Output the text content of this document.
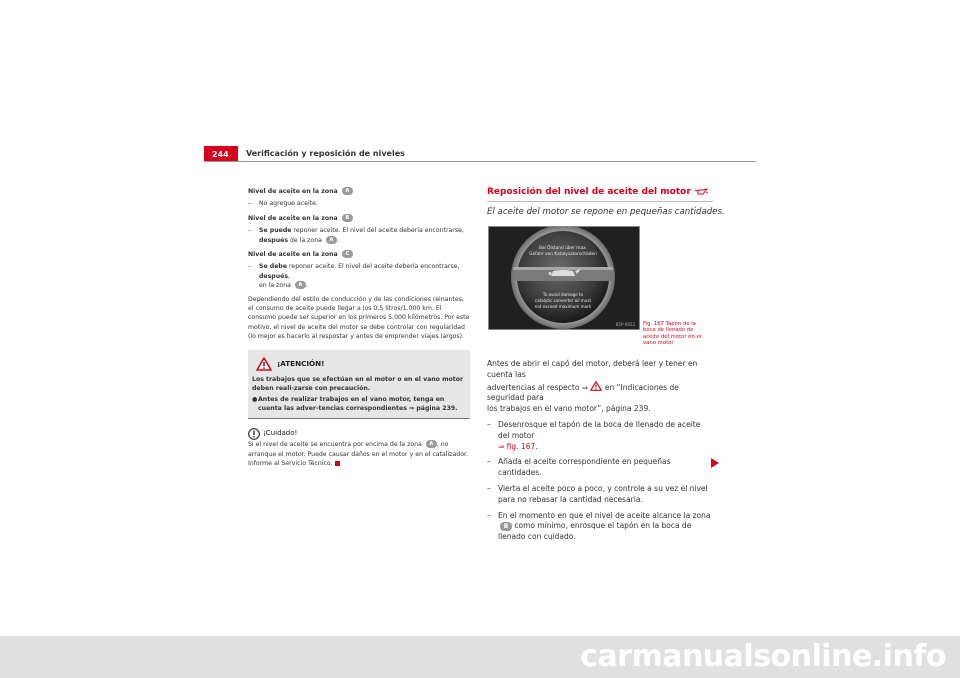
244	Verificación y reposición de niveles
Nivel de aceite en la zona A
– No agregue aceite.
Nivel de aceite en la zona B
– Se puede reponer aceite. El nivel del aceite debería encontrarse,
después de la zona A .
Nivel de aceite en la zona C
– Se debe reponer aceite. El nivel del aceite debería encontrarse, después,
en la zona A .
Dependiendo del estilo de conducción y de las condiciones reinantes, el consumo de aceite puede llegar a los 0,5 litros/1.000 km. El consumo puede ser superior en los primeros 5.000 kilómetros. Por este motivo, el nivel de aceite del motor se debe controlar con regularidad (lo mejor es hacerlo al respostar y antes de emprender viajes largos).
¡ATENCIÓN!
Los trabajos que se efectúan en el motor o en el vano motor deben reali-zarse con precaución.
● Antes de realizar trabajos en el vano motor, tenga en cuenta las adver-tencias correspondientes ⇒ página 239.
¡Cuidado!
Si el nivel de aceite se encuentra por encima de la zona A , no arranque el motor. Puede causar daños en el motor y en el catalizador. Informe al Servicio Técnico.
Reposición del nivel de aceite del motor
El aceite del motor se repone en pequeñas cantidades.
Bei Ölstand über max.
Gefahr von Katalysatorschäden
To avoid damage to
catalytic converter oil must
not exceed maximum mark
B5P-0652 Fig. 167 Tapón de la boca de llenado de aceite del motor en el vano motor
Antes de abrir el capó del motor, deberá leer y tener en cuenta las
advertencias al respecto ⇒  en “Indicaciones de seguridad para
los trabajos en el vano motor”, página 239.
– Desenrosque el tapón de la boca de llenado de aceite del motor
⇒ fig. 167.
– Añada el aceite correspondiente en pequeñas cantidades.
– Vierta el aceite poco a poco, y controle a su vez el nivel para no rebasar la cantidad necesaria.
– En el momento en que el nivel de aceite alcance la zona B como mínimo, enrosque el tapón en la boca de llenado con cuidado.
carmanualsonline.info
